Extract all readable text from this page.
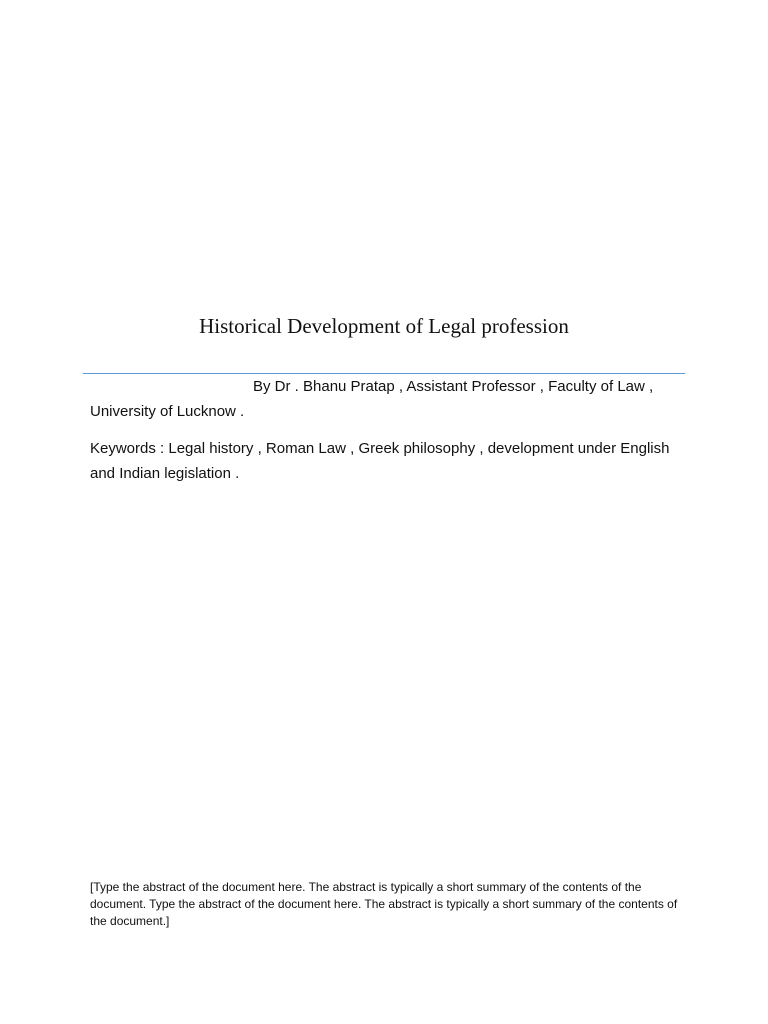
Historical Development of Legal profession
By Dr . Bhanu Pratap , Assistant Professor , Faculty of Law ,
University of Lucknow .
Keywords : Legal history , Roman Law , Greek philosophy , development under English and Indian legislation .
[Type the abstract of the document here. The abstract is typically a short summary of the contents of the document. Type the abstract of the document here. The abstract is typically a short summary of the contents of the document.]
